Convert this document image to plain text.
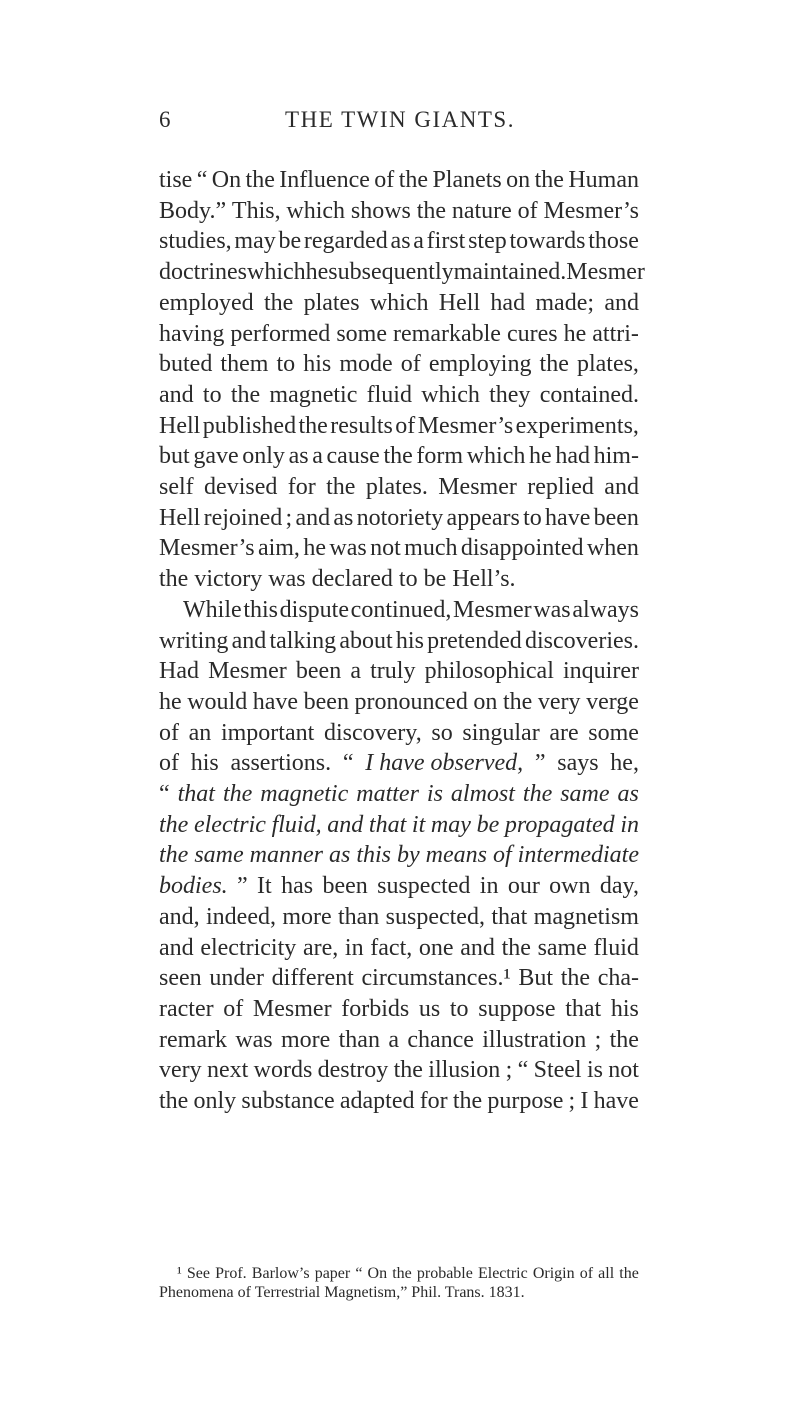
6	THE TWIN GIANTS.
tise “ On the Influence of the Planets on the Human
Body.” This, which shows the nature of Mesmer’s
studies, may be regarded as a first step towards those
doctrines which he subsequently maintained. Mesmer
employed the plates which Hell had made; and
having performed some remarkable cures he attri-
buted them to his mode of employing the plates,
and to the magnetic fluid which they contained.
Hell published the results of Mesmer’s experiments,
but gave only as a cause the form which he had him-
self devised for the plates. Mesmer replied and
Hell rejoined ; and as notoriety appears to have been
Mesmer’s aim, he was not much disappointed when
the victory was declared to be Hell’s.
While this dispute continued, Mesmer was always
writing and talking about his pretended discoveries.
Had Mesmer been a truly philosophical inquirer
he would have been pronounced on the very verge
of an important discovery, so singular are some
of his assertions. “ I have observed, ” says he,
“ that the magnetic matter is almost the same as
the electric fluid, and that it may be propagated in
the same manner as this by means of intermediate
bodies. ” It has been suspected in our own day,
and, indeed, more than suspected, that magnetism
and electricity are, in fact, one and the same fluid
seen under different circumstances.¹ But the cha-
racter of Mesmer forbids us to suppose that his
remark was more than a chance illustration ; the
very next words destroy the illusion ; “ Steel is not
the only substance adapted for the purpose ; I have
¹ See Prof. Barlow’s paper “ On the probable Electric Origin of all the
Phenomena of Terrestrial Magnetism,” Phil. Trans. 1831.
